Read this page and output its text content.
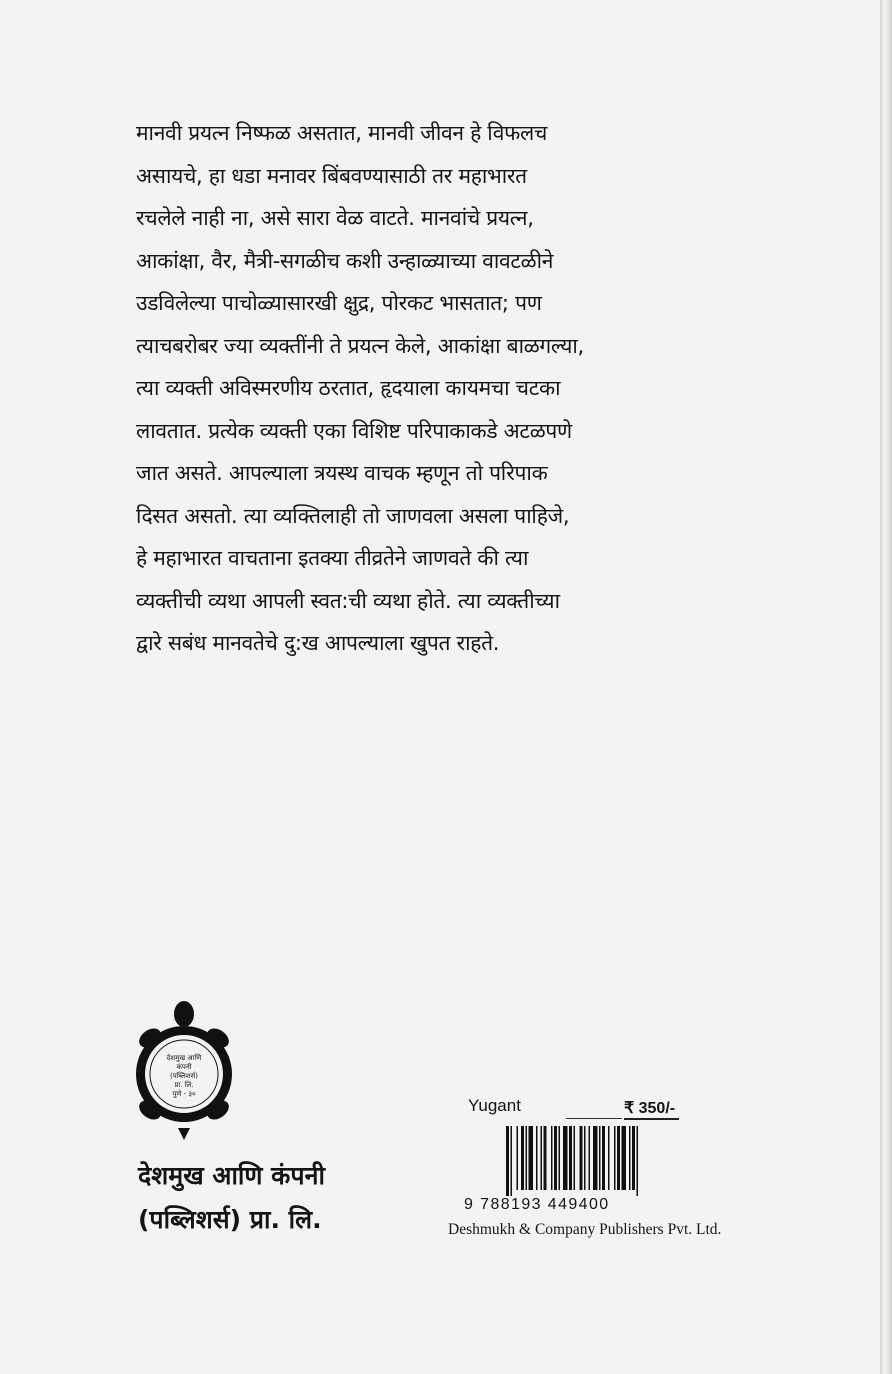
मानवी प्रयत्न निष्फळ असतात, मानवी जीवन हे विफलच
असायचे, हा धडा मनावर बिंबवण्यासाठी तर महाभारत
रचलेले नाही ना, असे सारा वेळ वाटते. मानवांचे प्रयत्न,
आकांक्षा, वैर, मैत्री-सगळीच कशी उन्हाळ्याच्या वावटळीने
उडविलेल्या पाचोळ्यासारखी क्षुद्र, पोरकट भासतात; पण
त्याचबरोबर ज्या व्यक्तींनी ते प्रयत्न केले, आकांक्षा बाळगल्या,
त्या व्यक्ती अविस्मरणीय ठरतात, हृदयाला कायमचा चटका
लावतात. प्रत्येक व्यक्ती एका विशिष्ट परिपाकाकडे अटळपणे
जात असते. आपल्याला त्रयस्थ वाचक म्हणून तो परिपाक
दिसत असतो. त्या व्यक्तिलाही तो जाणवला असला पाहिजे,
हे महाभारत वाचताना इतक्या तीव्रतेने जाणवते की त्या
व्यक्तीची व्यथा आपली स्वत:ची व्यथा होते. त्या व्यक्तीच्या
द्वारे सबंध मानवतेचे दु:ख आपल्याला खुपत राहते.
देशमुख आणि
कंपनी
(पब्लिशर्स)
प्रा. लि.
पुणे - ३०
देशमुख आणि कंपनी
(पब्लिशर्स) प्रा. लि.
Yugant	₹ 350/-
9 788193 449400
Deshmukh & Company Publishers Pvt. Ltd.
